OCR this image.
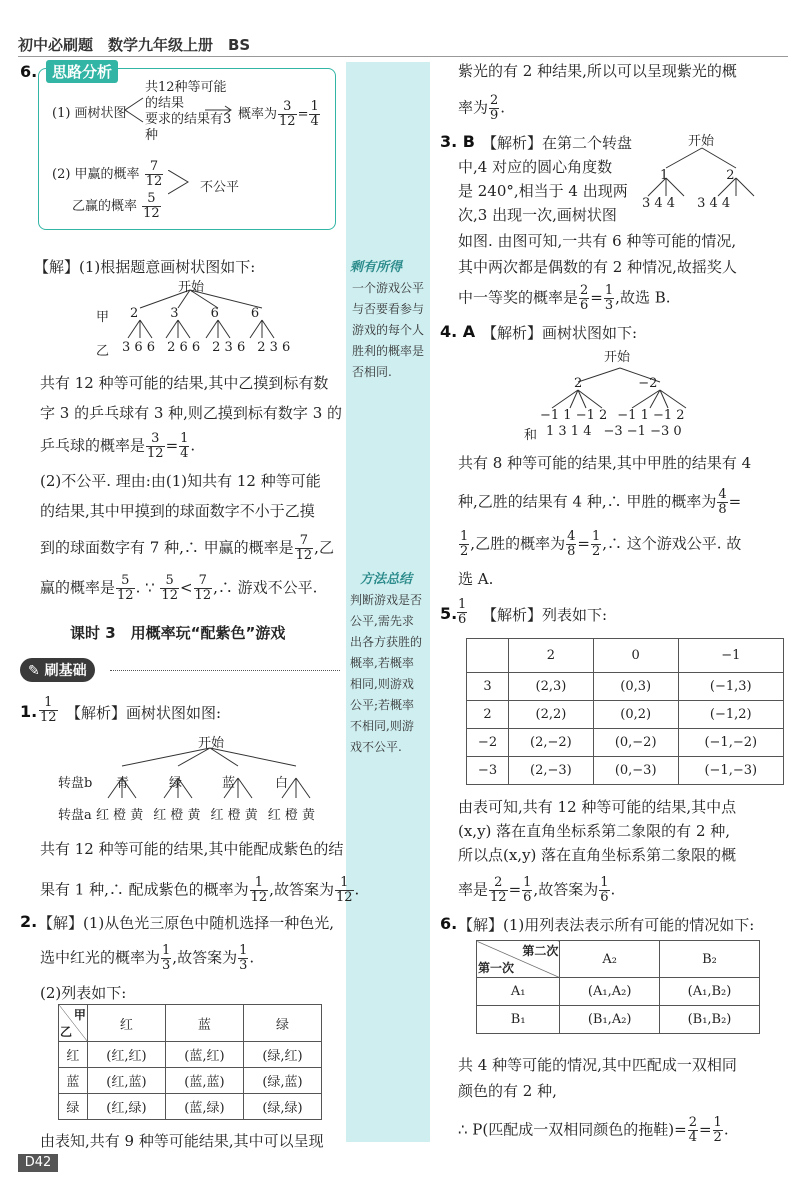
初中必刷题　数学九年级上册　BS
剩有所得
一个游戏公平
与否要看参与
游戏的每个人
胜利的概率是
否相同.
方法总结
判断游戏是否
公平,需先求
出各方获胜的
概率,若概率
相同,则游戏
公平;若概率
不相同,则游
戏不公平.
6. 思路分析
(1) 画树状图
共12种等可能的结果
要求的结果有3种
概率为 $\frac{3}{12} = \frac{1}{4}$
(2) 甲赢的概率 $\frac{7}{12}$
乙赢的概率 $\frac{5}{12}$
不公平
【解】(1)根据题意画树状图如下:
开始
甲 2 3 6 6
乙 3 6 6 2 6 6 2 3 6 2 3 6
共有 12 种等可能的结果,其中乙摸到标有数
字 3 的乒乓球有 3 种,则乙摸到标有数字 3 的
乒乓球的概率是 $\frac{3}{12} = \frac{1}{4}$ .
(2)不公平. 理由:由(1)知共有 12 种等可能
的结果,其中甲摸到的球面数字不小于乙摸
到的球面数字有 7 种,∴ 甲赢的概率是 $\frac{7}{12}$ ,乙
赢的概率是 $\frac{5}{12}$ . ∵ $\frac{5}{12} < \frac{7}{12}$ ,∴ 游戏不公平.
课时 3　用概率玩“配紫色”游戏
✎ 刷基础
1. $\frac{1}{12}$ 【解析】画树状图如图:
开始
转盘b 青	绿	蓝	白
转盘a 红 橙 黄 红 橙 黄 红 橙 黄 红 橙 黄
共有 12 种等可能的结果,其中能配成紫色的结
果有 1 种,∴ 配成紫色的概率为 $\frac{1}{12}$ ,故答案为 $\frac{1}{12}$ .
2. 【解】(1)从色光三原色中随机选择一种色光,
选中红光的概率为 $\frac{1}{3}$ ,故答案为 $\frac{1}{3}$ .
(2)列表如下:
甲
乙	红	蓝	绿
红	(红,红)	(蓝,红)	(绿,红)
蓝	(红,蓝)	(蓝,蓝)	(绿,蓝)
绿	(红,绿)	(蓝,绿)	(绿,绿)
由表知,共有 9 种等可能结果,其中可以呈现
D42
紫光的有 2 种结果,所以可以呈现紫光的概
率为 $\frac{2}{9}$ .
3. B 【解析】在第二个转盘
中,4 对应的圆心角度数
是 240°,相当于 4 出现两
次,3 出现一次,画树状图
如图. 由图可知,一共有 6 种等可能的情况,
其中两次都是偶数的有 2 种情况,故摇奖人
中一等奖的概率是 $\frac{2}{6} = \frac{1}{3}$ ,故选 B.
开始
1	2
3 4 4 3 4 4
4. A 【解析】画树状图如下:
开始
2	−2
−1 1 −1 2 −1 1 −1 2
和 1 3 1 4 −3 −1 −3 0
共有 8 种等可能的结果,其中甲胜的结果有 4
种,乙胜的结果有 4 种,∴ 甲胜的概率为 $\frac{4}{8}$ =
$\frac{1}{2}$ ,乙胜的概率为 $\frac{4}{8} = \frac{1}{2}$ ,∴ 这个游戏公平. 故
选 A.
5. $\frac{1}{6}$ 【解析】列表如下:
	2	0	−1
3	(2,3)	(0,3)	(−1,3)
2	(2,2)	(0,2)	(−1,2)
−2	(2,−2)	(0,−2)	(−1,−2)
−3	(2,−3)	(0,−3)	(−1,−3)
由表可知,共有 12 种等可能的结果,其中点
(x,y) 落在直角坐标系第二象限的有 2 种,
所以点(x,y) 落在直角坐标系第二象限的概
率是 $\frac{2}{12} = \frac{1}{6}$ ,故答案为 $\frac{1}{6}$ .
6. 【解】(1)用列表法表示所有可能的情况如下:
第二次
第一次	A₂	B₂
A₁	(A₁,A₂)	(A₁,B₂)
B₁	(B₁,A₂)	(B₁,B₂)
共 4 种等可能的情况,其中匹配成一双相同
颜色的有 2 种,
∴ P(匹配成一双相同颜色的拖鞋)= $\frac{2}{4} = \frac{1}{2}$ .
